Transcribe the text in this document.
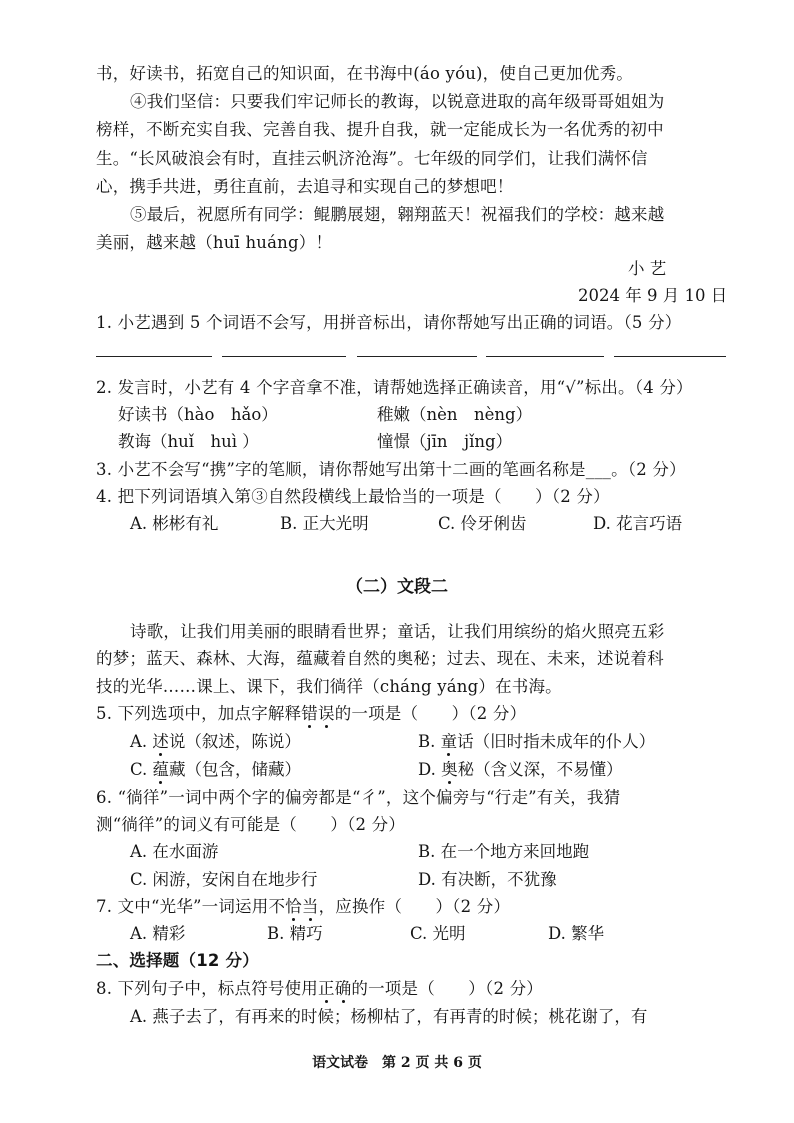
书，好读书，拓宽自己的知识面，在书海中(áo yóu)，使自己更加优秀。
④我们坚信：只要我们牢记师长的教诲，以锐意进取的高年级哥哥姐姐为
榜样，不断充实自我、完善自我、提升自我，就一定能成长为一名优秀的初中
生。“长风破浪会有时，直挂云帆济沧海”。七年级的同学们，让我们满怀信
心，携手共进，勇往直前，去追寻和实现自己的梦想吧！
⑤最后，祝愿所有同学：鲲鹏展翅，翱翔蓝天！祝福我们的学校：越来越
美丽，越来越（huī huáng）！
小 艺
2024 年 9 月 10 日
1. 小艺遇到 5 个词语不会写，用拼音标出，请你帮她写出正确的词语。（5 分）
2. 发言时，小艺有 4 个字音拿不准，请帮她选择正确读音，用“√”标出。（4 分）
好读书（hào　hǎo）	稚嫩（nèn　nèng）
教诲（huǐ　huì ）	憧憬（jīn　jǐng）
3. 小艺不会写“携”字的笔顺，请你帮她写出第十二画的笔画名称是___。（2 分）
4. 把下列词语填入第③自然段横线上最恰当的一项是（　　）（2 分）
A. 彬彬有礼	B. 正大光明	C. 伶牙俐齿	D. 花言巧语
（二）文段二
诗歌，让我们用美丽的眼睛看世界；童话，让我们用缤纷的焰火照亮五彩
的梦；蓝天、森林、大海，蕴藏着自然的奥秘；过去、现在、未来，述说着科
技的光华……课上、课下，我们徜徉（cháng yáng）在书海。
5. 下列选项中，加点字解释错误的一项是（　　）（2 分）
A. 述说（叙述，陈说）	B. 童话（旧时指未成年的仆人）
C. 蕴藏（包含，储藏）	D. 奥秘（含义深，不易懂）
6. “徜徉”一词中两个字的偏旁都是“彳”，这个偏旁与“行走”有关，我猜
测“徜徉”的词义有可能是（　　）（2 分）
A. 在水面游	B. 在一个地方来回地跑
C. 闲游，安闲自在地步行	D. 有决断，不犹豫
7. 文中“光华”一词运用不恰当，应换作（　　）（2 分）
A. 精彩	B. 精巧	C. 光明	D. 繁华
二、选择题（12 分）
8. 下列句子中，标点符号使用正确的一项是（　　）（2 分）
A. 燕子去了，有再来的时候；杨柳枯了，有再青的时候；桃花谢了，有
语文试卷　第 2 页 共 6 页
